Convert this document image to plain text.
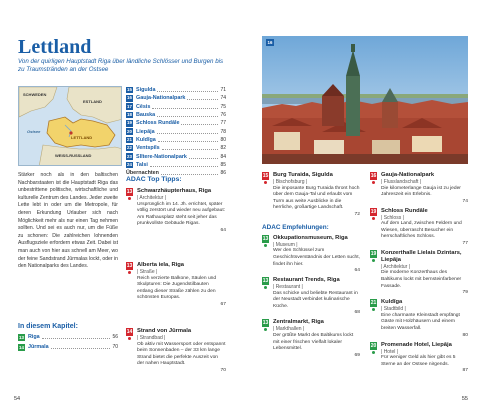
Lettland
Von der quirligen Hauptstadt Riga über ländliche Schlösser und Burgen bis zu Traumstränden an der Ostsee
SCHWEDEN
ESTLAND
LETTLAND
WEISS-RUSSLAND
Ostsee
15 Sigulda	71
16 Gauja-Nationalpark	74
17 Cēsis	75
18 Bauska	76
19 Schloss Rundāle	77
20 Liepāja	78
21 Kuldīga	80
22 Ventspils	82
23 Slītere-Nationalpark	84
24 Talsi	85
Übernachten	86
Stärker noch als in den baltischen Nachbarstaaten ist die Hauptstadt Riga das unbestrittene politische, wirtschaftliche und kulturelle Zentrum des Landes. Jeder zweite Lette lebt in oder um die Metropole, für deren Erkundung Urlauber sich nach Möglichkeit mehr als nur einen Tag nehmen sollten. Und sei es auch nur, um die Füße zu schonen: Die zahlreichen lohnenden Ausflugsziele erfordern etwas Zeit. Dabei ist man auch von hier aus schnell am Meer, wo der feine Sandstrand Jūrmalas lockt, oder in den Nationalparks des Landes.
In diesem Kapitel:
13 Riga	56
14 Jūrmala	70
ADAC Top Tipps:
13 Schwarzhäupterhaus, Riga
| Architektur |
Ursprünglich im 14. Jh. errichtet, später völlig zerstört und wieder neu aufgebaut: Am Rathausplatz steht seit jeher das prunkvollste Gebäude Rigas.
64
13 Alberta iela, Riga
| Straße |
Reich verzierte Balkone, Säulen und Skulpturen: Die Jugendstilbauten entlang dieser Straße zählen zu den schönsten Europas.
67
14 Strand von Jūrmala
| Strandbad |
Ob aktiv mit Wassersport oder entspannt beim Sonnenbaden – der 33 km lange Strand bietet die perfekte Auszeit von der nahen Hauptstadt.
70
54
16
15 Burg Turaida, Sigulda
| Bischofsburg |
Die imposante Burg Turaida thront hoch über dem Gauja-Tal und erlaubt vom Turm aus weite Ausblicke in die herrliche, großartige Landschaft.
72
ADAC Empfehlungen:
13 Okkupationsmuseum, Riga
| Museum |
Wer den Schlüssel zum Geschichtsverständnis der Letten sucht, findet ihn hier.
64
13 Restaurant Trends, Riga
| Restaurant |
Das schicke und beliebte Restaurant in der Neustadt verbindet kulinarische Küche.
68
13 Zentralmarkt, Riga
| Markthallen |
Der größte Markt des Baltikums lockt mit einer frischen Vielfalt lokaler Lebensmittel.
69
16 Gauja-Nationalpark
| Flusslandschaft |
Die kilometerlange Gauja ist zu jeder Jahreszeit ein Erlebnis.
74
19 Schloss Rundāle
| Schloss |
Auf dem Land, zwischen Feldern und Wiesen, überrascht Besucher ein herrschaftliches Schloss.
77
19 Konzerthalle Lielais Dzintars, Liepāja
| Architektur |
Die moderne Konzerthaus des Baltikums lockt mit bernsteinfarbener Fassade.
79
21 Kuldīga
| Stadtbild |
Eine charmante Kleinstadt empfängt Gäste mit Holzhäusern und einem breiten Wasserfall.
80
20 Promenade Hotel, Liepāja
| Hotel |
Für weniger Geld als hier gibt es 5 Sterne an der Ostsee nirgends.
87
55
